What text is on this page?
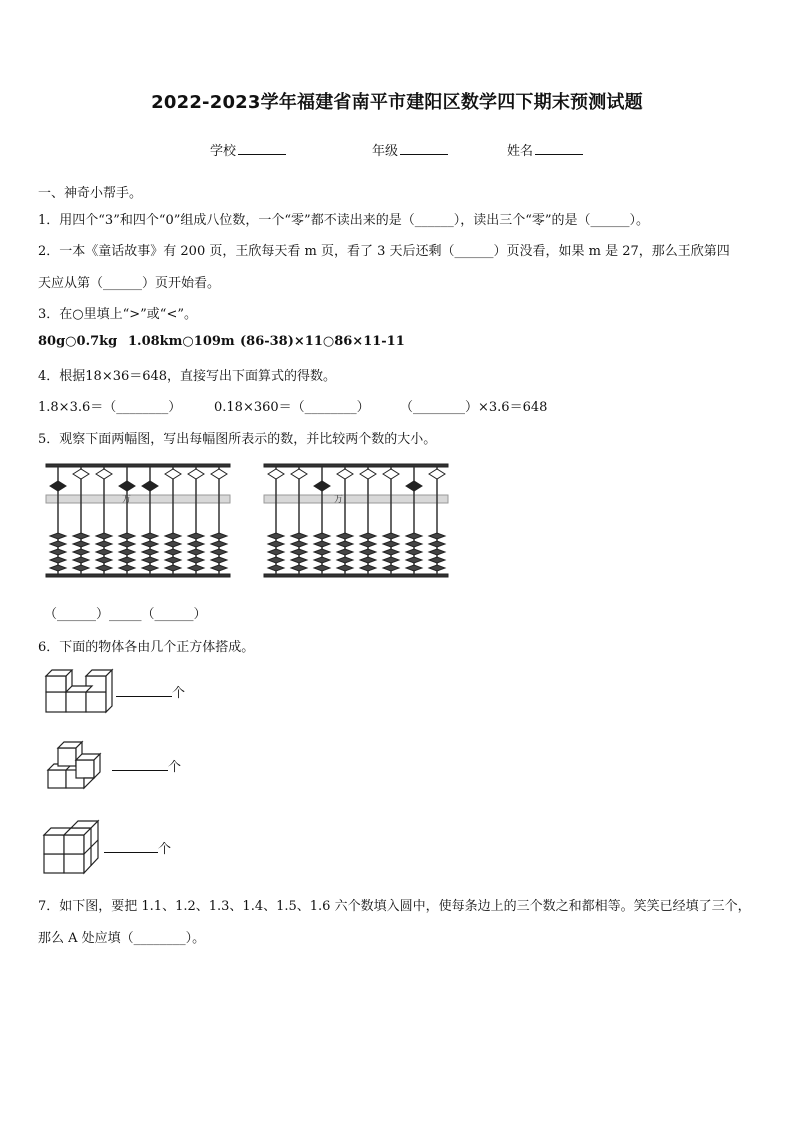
2022-2023学年福建省南平市建阳区数学四下期末预测试题
学校	年级	姓名
一、神奇小帮手。
1．用四个“3”和四个“0”组成八位数，一个“零”都不读出来的是（______），读出三个“零”的是（______）。
2．一本《童话故事》有 200 页，王欣每天看 m 页，看了 3 天后还剩（______）页没看，如果 m 是 27，那么王欣第四
天应从第（______）页开始看。
3．在○里填上“>”或“<”。
80g○0.7kg 1.08km○109m (86-38)×11○86×11-11
4．根据18×36＝648，直接写出下面算式的得数。
1.8×3.6＝（________）	0.18×360＝（________） （________）×3.6＝648
5．观察下面两幅图，写出每幅图所表示的数，并比较两个数的大小。
万	万
（______）_____（______）
6．下面的物体各由几个正方体搭成。
个
个
个
7．如下图，要把 1.1、1.2、1.3、1.4、1.5、1.6 六个数填入圆中，使每条边上的三个数之和都相等。笑笑已经填了三个，
那么 A 处应填（________）。
